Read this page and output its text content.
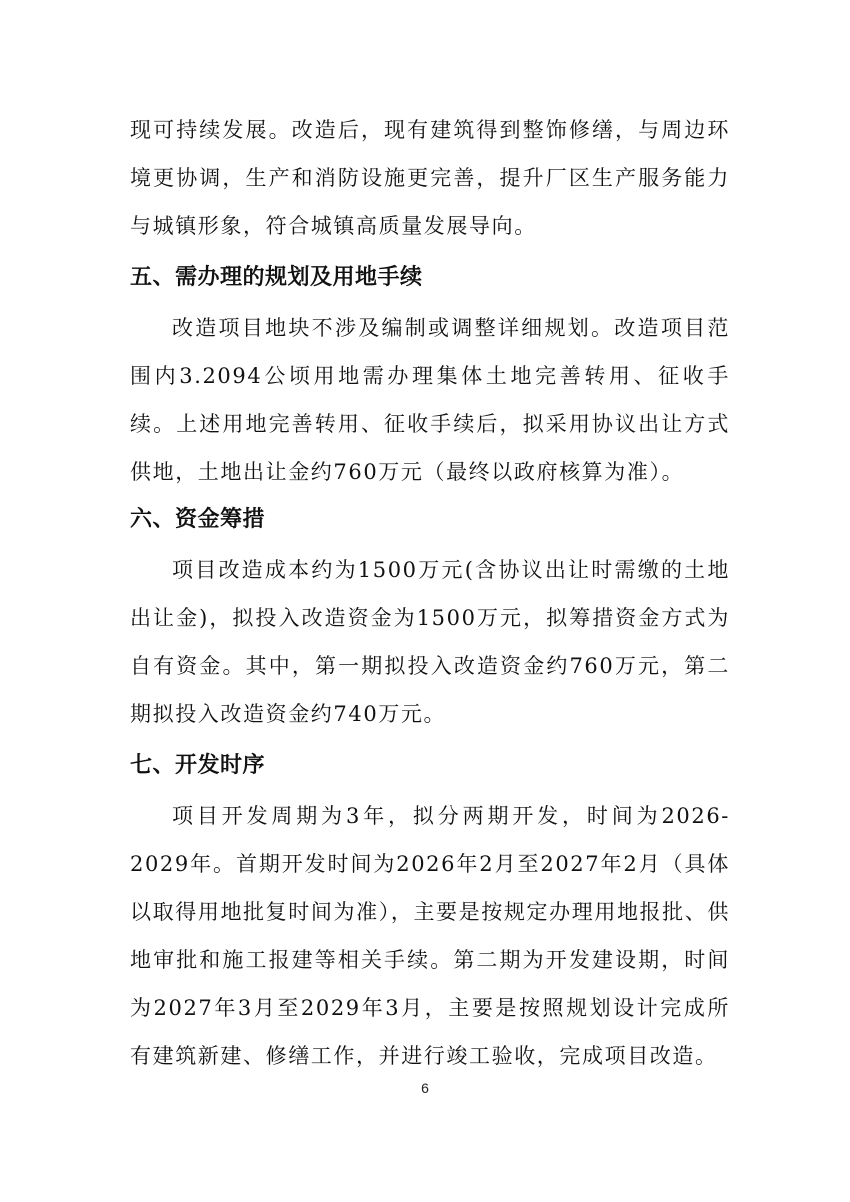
现可持续发展。改造后，现有建筑得到整饰修缮，与周边环境更协调，生产和消防设施更完善，提升厂区生产服务能力与城镇形象，符合城镇高质量发展导向。

五、需办理的规划及用地手续

改造项目地块不涉及编制或调整详细规划。改造项目范围内3.2094公顷用地需办理集体土地完善转用、征收手续。上述用地完善转用、征收手续后，拟采用协议出让方式供地，土地出让金约760万元（最终以政府核算为准）。

六、资金筹措

项目改造成本约为1500万元(含协议出让时需缴的土地出让金)，拟投入改造资金为1500万元，拟筹措资金方式为自有资金。其中，第一期拟投入改造资金约760万元，第二期拟投入改造资金约740万元。

七、开发时序

项目开发周期为3年，拟分两期开发，时间为2026-2029年。首期开发时间为2026年2月至2027年2月（具体以取得用地批复时间为准），主要是按规定办理用地报批、供地审批和施工报建等相关手续。第二期为开发建设期，时间为2027年3月至2029年3月，主要是按照规划设计完成所有建筑新建、修缮工作，并进行竣工验收，完成项目改造。

6
